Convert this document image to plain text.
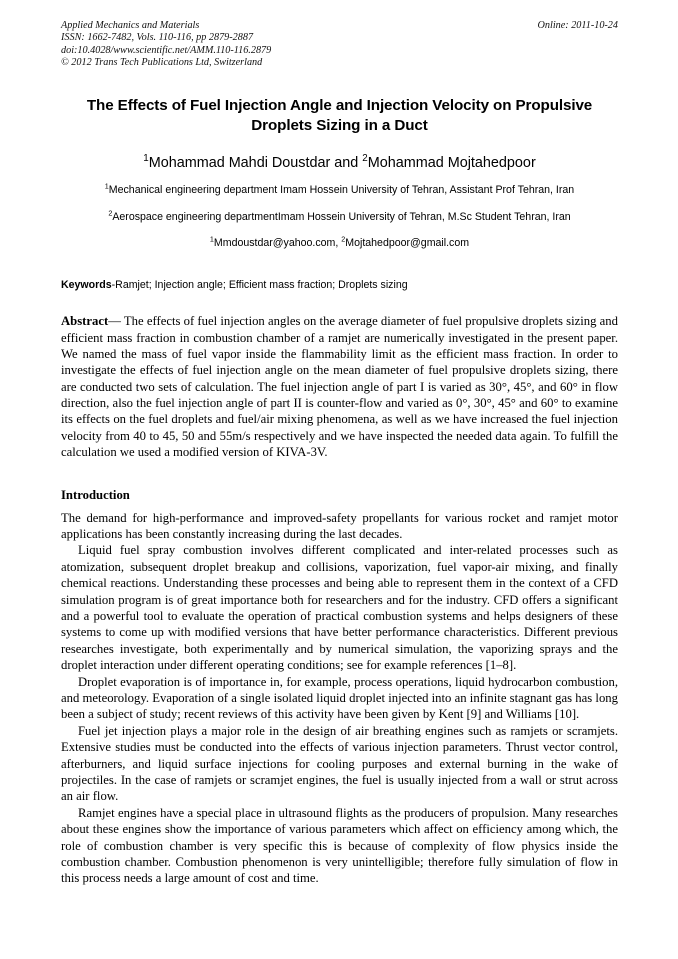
Online: 2011-10-24
Applied Mechanics and Materials
ISSN: 1662-7482, Vols. 110-116, pp 2879-2887
doi:10.4028/www.scientific.net/AMM.110-116.2879
© 2012 Trans Tech Publications Ltd, Switzerland
The Effects of Fuel Injection Angle and Injection Velocity on Propulsive Droplets Sizing in a Duct
$^1$Mohammad Mahdi Doustdar and $^2$Mohammad Mojtahedpoor
$^1$Mechanical engineering department Imam Hossein University of Tehran, Assistant Prof Tehran, Iran
$^2$Aerospace engineering departmentImam Hossein University of Tehran, M.Sc Student Tehran, Iran
$^1$Mmdoustdar@yahoo.com, $^2$Mojtahedpoor@gmail.com
Keywords-Ramjet; Injection angle; Efficient mass fraction; Droplets sizing
Abstract— The effects of fuel injection angles on the average diameter of fuel propulsive droplets sizing and efficient mass fraction in combustion chamber of a ramjet are numerically investigated in the present paper. We named the mass of fuel vapor inside the flammability limit as the efficient mass fraction. In order to investigate the effects of fuel injection angle on the mean diameter of fuel propulsive droplets sizing, there are conducted two sets of calculation. The fuel injection angle of part I is varied as 30°, 45°, and 60° in flow direction, also the fuel injection angle of part II is counter-flow and varied as 0°, 30°, 45° and 60° to examine its effects on the fuel droplets and fuel/air mixing phenomena, as well as we have increased the fuel injection velocity from 40 to 45, 50 and 55m/s respectively and we have inspected the needed data again. To fulfill the calculation we used a modified version of KIVA-3V.
Introduction

The demand for high-performance and improved-safety propellants for various rocket and ramjet motor applications has been constantly increasing during the last decades.

Liquid fuel spray combustion involves different complicated and inter-related processes such as atomization, subsequent droplet breakup and collisions, vaporization, fuel vapor-air mixing, and finally chemical reactions. Understanding these processes and being able to represent them in the context of a CFD simulation program is of great importance both for researchers and for the industry. CFD offers a significant and a powerful tool to evaluate the operation of practical combustion systems and helps designers of these systems to come up with modified versions that have better performance characteristics. Different previous researches investigate, both experimentally and by numerical simulation, the vaporizing sprays and the droplet interaction under different operating conditions; see for example references [1–8].

Droplet evaporation is of importance in, for example, process operations, liquid hydrocarbon combustion, and meteorology. Evaporation of a single isolated liquid droplet injected into an infinite stagnant gas has long been a subject of study; recent reviews of this activity have been given by Kent [9] and Williams [10].

Fuel jet injection plays a major role in the design of air breathing engines such as ramjets or scramjets. Extensive studies must be conducted into the effects of various injection parameters. Thrust vector control, afterburners, and liquid surface injections for cooling purposes and external burning in the wake of projectiles. In the case of ramjets or scramjet engines, the fuel is usually injected from a wall or strut across an air flow.

Ramjet engines have a special place in ultrasound flights as the producers of propulsion. Many researches about these engines show the importance of various parameters which affect on efficiency among which, the role of combustion chamber is very specific this is because of complexity of flow physics inside the combustion chamber. Combustion phenomenon is very unintelligible; therefore fully simulation of flow in this process needs a large amount of cost and time.
